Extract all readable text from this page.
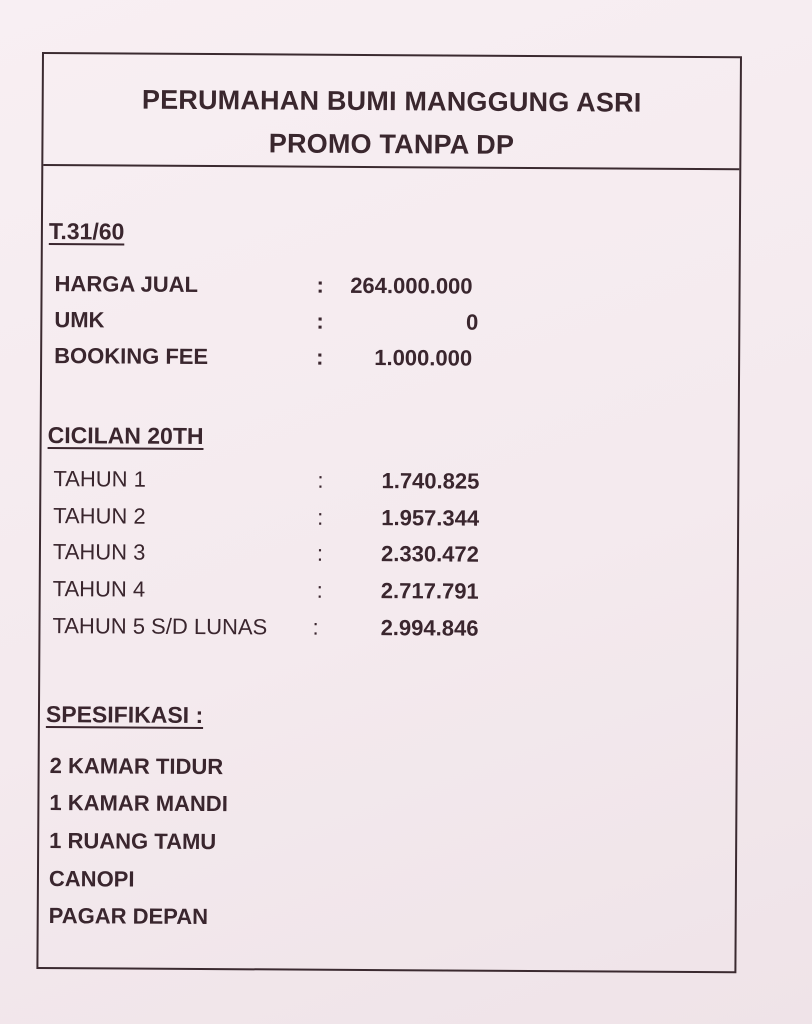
PERUMAHAN BUMI MANGGUNG ASRI
PROMO TANPA DP
T.31/60
HARGA JUAL	:	264.000.000
UMK	:	0
BOOKING FEE	:	1.000.000
CICILAN 20TH
TAHUN 1	:	1.740.825
TAHUN 2	:	1.957.344
TAHUN 3	:	2.330.472
TAHUN 4	:	2.717.791
TAHUN 5 S/D LUNAS :	2.994.846
SPESIFIKASI :
2 KAMAR TIDUR
1 KAMAR MANDI
1 RUANG TAMU
CANOPI
PAGAR DEPAN
